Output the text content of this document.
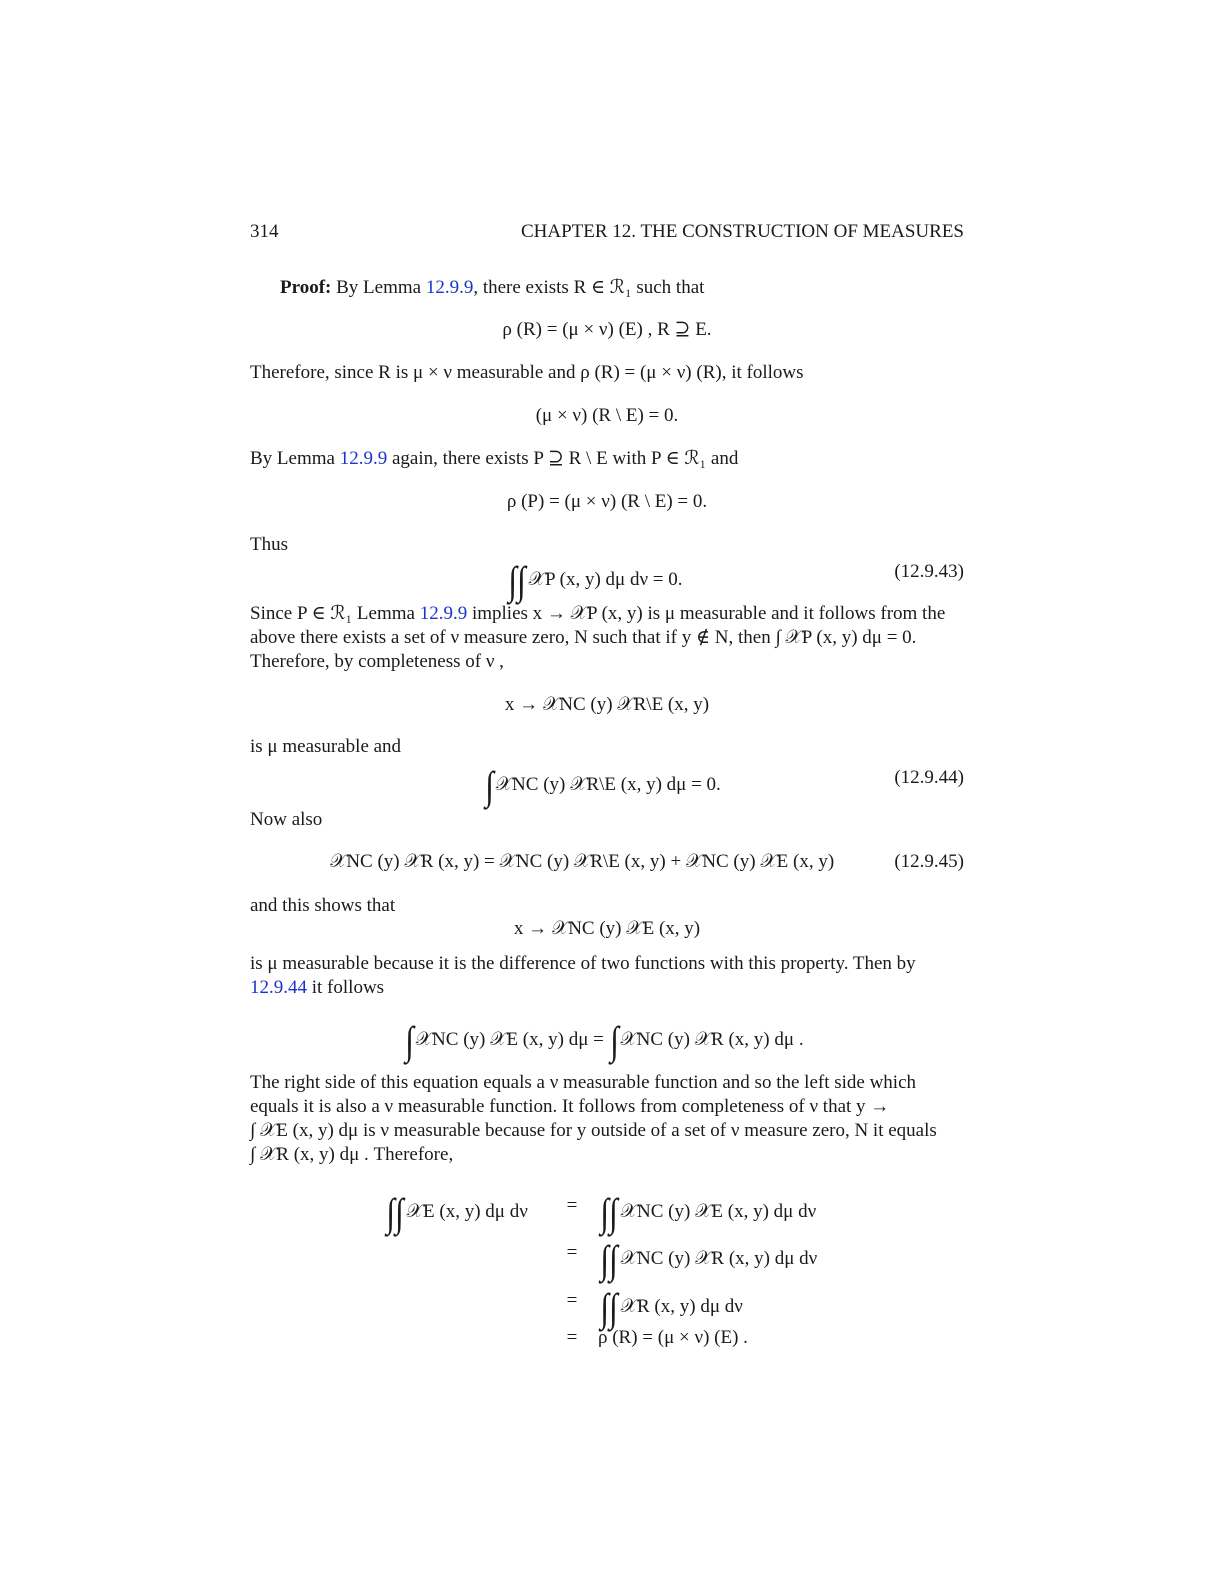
314	CHAPTER 12. THE CONSTRUCTION OF MEASURES
Proof: By Lemma 12.9.9, there exists R ∈ ℛ₁ such that
ρ (R) = (μ × ν) (E) , R ⊇ E.
Therefore, since R is μ × ν measurable and ρ (R) = (μ × ν) (R), it follows
(μ × ν) (R \ E) = 0.
By Lemma 12.9.9 again, there exists P ⊇ R \ E with P ∈ ℛ₁ and
ρ (P) = (μ × ν) (R \ E) = 0.
Thus
∫∫ 𝒳P (x, y) dμ dν = 0.	(12.9.43)
Since P ∈ ℛ₁ Lemma 12.9.9 implies x → 𝒳P (x, y) is μ measurable and it follows from the
above there exists a set of ν measure zero, N such that if y ∉ N, then ∫ 𝒳P (x, y) dμ = 0.
Therefore, by completeness of ν ,
x → 𝒳NC (y) 𝒳R\E (x, y)
is μ measurable and
∫ 𝒳NC (y) 𝒳R\E (x, y) dμ = 0.	(12.9.44)
Now also
𝒳NC (y) 𝒳R (x, y) = 𝒳NC (y) 𝒳R\E (x, y) + 𝒳NC (y) 𝒳E (x, y)	(12.9.45)
and this shows that
x → 𝒳NC (y) 𝒳E (x, y)
is μ measurable because it is the difference of two functions with this property. Then by
12.9.44 it follows
∫ 𝒳NC (y) 𝒳E (x, y) dμ = ∫ 𝒳NC (y) 𝒳R (x, y) dμ .
The right side of this equation equals a ν measurable function and so the left side which
equals it is also a ν measurable function. It follows from completeness of ν that y →
∫ 𝒳E (x, y) dμ is ν measurable because for y outside of a set of ν measure zero, N it equals
∫ 𝒳R (x, y) dμ . Therefore,
∫∫ 𝒳E (x, y) dμ dν = ∫∫ 𝒳NC (y) 𝒳E (x, y) dμ dν
= ∫∫ 𝒳NC (y) 𝒳R (x, y) dμ dν
= ∫∫ 𝒳R (x, y) dμ dν
= ρ (R) = (μ × ν) (E) .
